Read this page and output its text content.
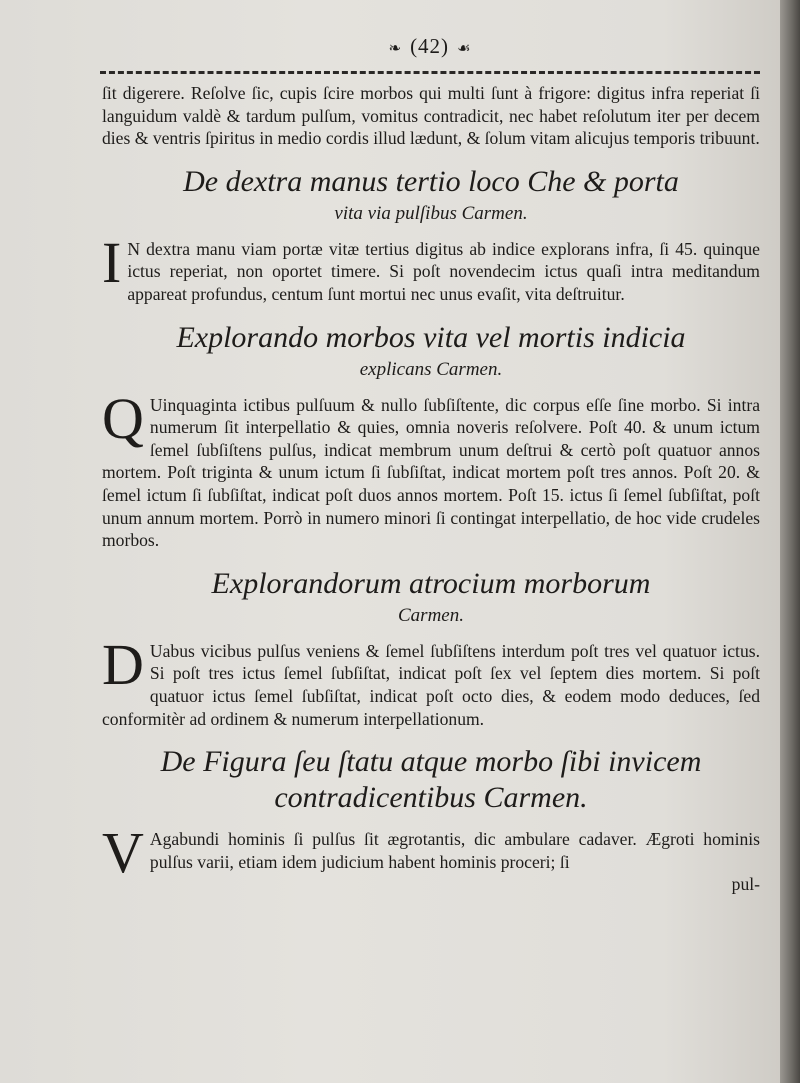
❧ (42) ☙

ſit digerere. Reſolve ſic, cupis ſcire morbos qui multi ſunt à frigore: digitus infra reperiat ſi languidum valdè & tardum pulſum, vomitus contradicit, nec habet reſolutum iter per decem dies & ventris ſpiritus in medio cordis illud lædunt, & ſolum vitam alicujus temporis tribuunt.

De dextra manus tertio loco Che & porta
vita via pulſibus Carmen.

I N dextra manu viam portæ vitæ tertius digitus ab indice explorans infra, ſi 45. quinque ictus reperiat, non oportet timere. Si poſt novendecim ictus quaſi intra meditandum appareat profundus, centum ſunt mortui nec unus evaſit, vita deſtruitur.

Explorando morbos vita vel mortis indicia
explicans Carmen.

Q Uinquaginta ictibus pulſuum & nullo ſubſiſtente, dic corpus eſſe ſine morbo. Si intra numerum ſit interpellatio & quies, omnia noveris reſolvere. Poſt 40. & unum ictum ſemel ſubſiſtens pulſus, indicat membrum unum deſtrui & certò poſt quatuor annos mortem. Poſt triginta & unum ictum ſi ſubſiſtat, indicat mortem poſt tres annos. Poſt 20. & ſemel ictum ſi ſubſiſtat, indicat poſt duos annos mortem. Poſt 15. ictus ſi ſemel ſubſiſtat, poſt unum annum mortem. Porrò in numero minori ſi contingat interpellatio, de hoc vide crudeles morbos.

Explorandorum atrocium morborum
Carmen.

D Uabus vicibus pulſus veniens & ſemel ſubſiſtens interdum poſt tres vel quatuor ictus. Si poſt tres ictus ſemel ſubſiſtat, indicat poſt ſex vel ſeptem dies mortem. Si poſt quatuor ictus ſemel ſubſiſtat, indicat poſt octo dies, & eodem modo deduces, ſed conformitèr ad ordinem & numerum interpellationum.

De Figura ſeu ſtatu atque morbo ſibi invicem contradicentibus Carmen.

V Agabundi hominis ſi pulſus ſit ægrotantis, dic ambulare cadaver. Ægroti hominis pulſus varii, etiam idem judicium habent hominis proceri; ſi

pul-
